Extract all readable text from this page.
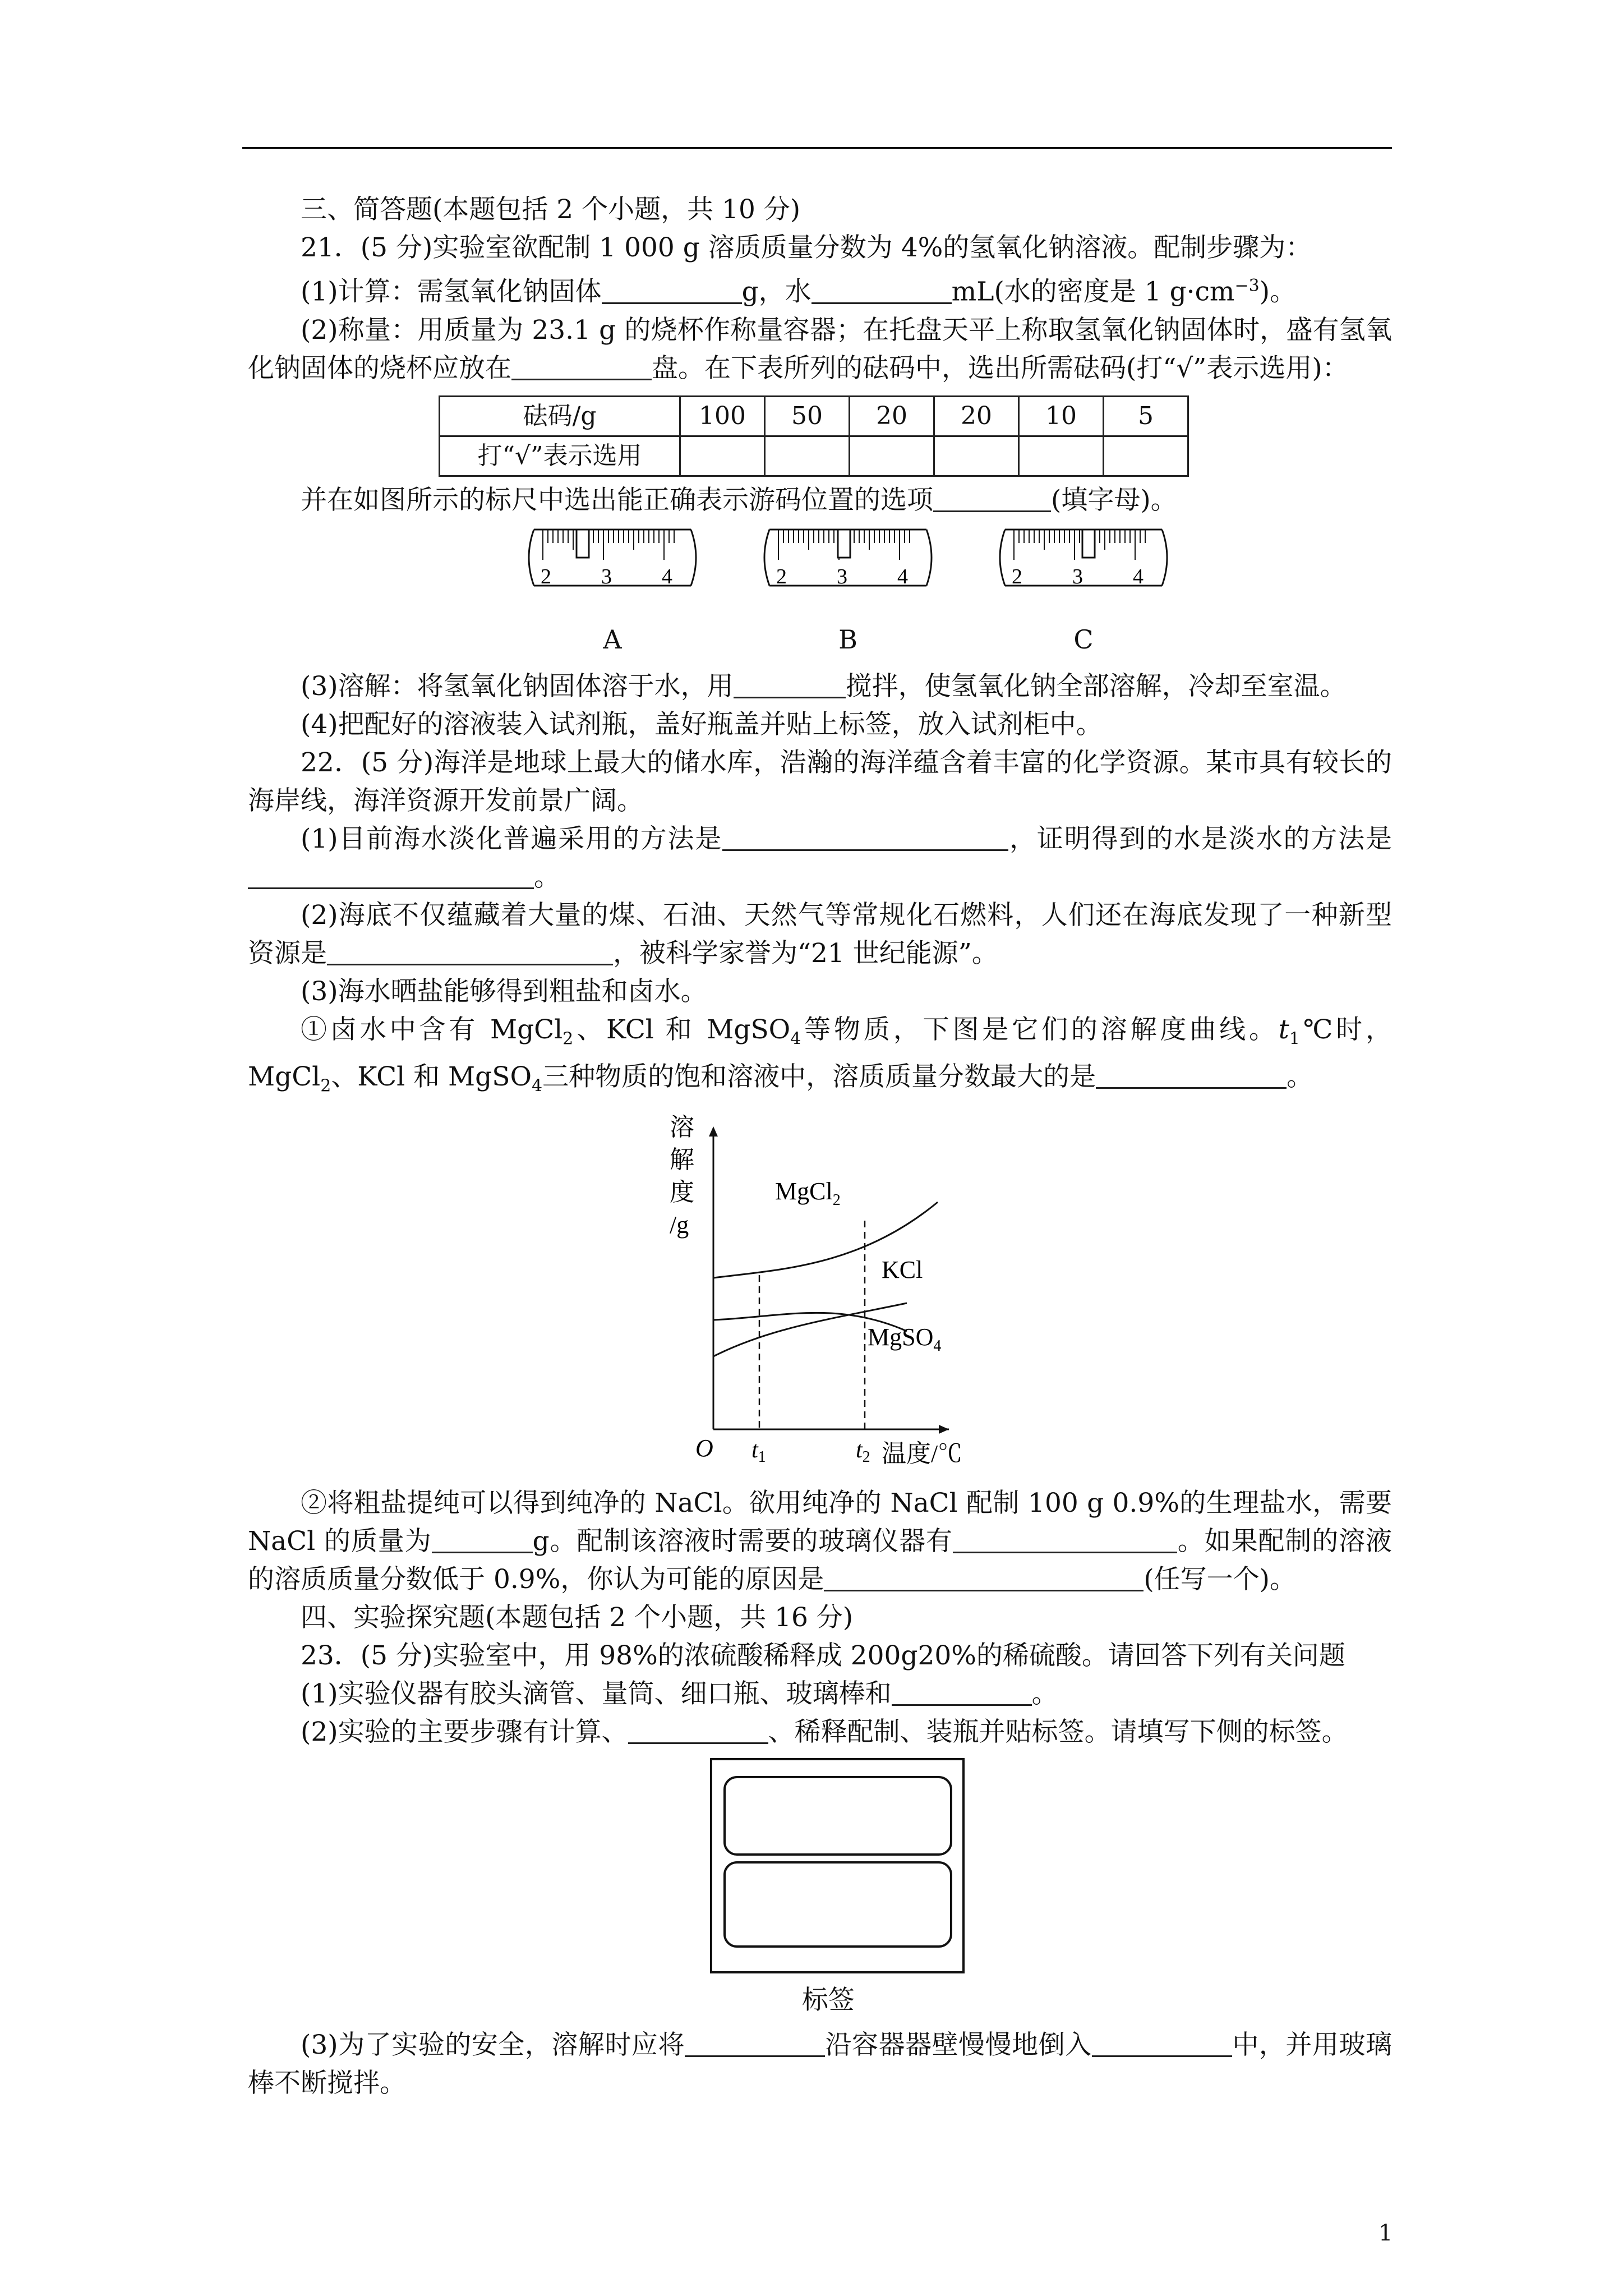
三、简答题(本题包括 2 个小题，共 10 分)

21．(5 分)实验室欲配制 1 000 g 溶质质量分数为 4%的氢氧化钠溶液。配制步骤为：

(1)计算：需氢氧化钠固体	g，水	mL(水的密度是 1 $g\cdot cm^{-3}$)。

(2)称量：用质量为 23.1 g 的烧杯作称量容器；在托盘天平上称取氢氧化钠固体时，盛有氢氧化钠固体的烧杯应放在	盘。在下表所列的砝码中，选出所需砝码(打“√”表示选用)：

砝码/g	100	50	20	20	10	5
打“√”表示选用						

并在如图所示的标尺中选出能正确表示游码位置的选项	(填字母)。

2 3 4
A
2 3 4
B
2 3 4
C

(3)溶解：将氢氧化钠固体溶于水，用	搅拌，使氢氧化钠全部溶解，冷却至室温。

(4)把配好的溶液装入试剂瓶，盖好瓶盖并贴上标签，放入试剂柜中。

22．(5 分)海洋是地球上最大的储水库，浩瀚的海洋蕴含着丰富的化学资源。某市具有较长的海岸线，海洋资源开发前景广阔。

(1)目前海水淡化普遍采用的方法是	，证明得到的水是淡水的方法是。

(2)海底不仅蕴藏着大量的煤、石油、天然气等常规化石燃料，人们还在海底发现了一种新型资源是	，被科学家誉为“21 世纪能源”。

(3)海水晒盐能够得到粗盐和卤水。

①卤水中含有 MgCl$_2$、KCl 和 MgSO$_4$等物质，下图是它们的溶解度曲线。$t_1℃$时，MgCl$_2$、KCl 和 MgSO$_4$三种物质的饱和溶液中，溶质质量分数最大的是	。

溶
解
度
/g
O t1	t2 温度/℃
MgCl$_2$
KCl
MgSO$_4$

②将粗盐提纯可以得到纯净的 NaCl。欲用纯净的 NaCl 配制 100 g 0.9%的生理盐水，需要 NaCl 的质量为	g。配制该溶液时需要的玻璃仪器有	。如果配制的溶液的溶质质量分数低于 0.9%，你认为可能的原因是	(任写一个)。

四、实验探究题(本题包括 2 个小题，共 16 分)

23．(5 分)实验室中，用 98%的浓硫酸稀释成 200g20%的稀硫酸。请回答下列有关问题

(1)实验仪器有胶头滴管、量筒、细口瓶、玻璃棒和	。

(2)实验的主要步骤有计算、	、稀释配制、装瓶并贴标签。请填写下侧的标签。

标签

(3)为了实验的安全，溶解时应将	沿容器器壁慢慢地倒入	中，并用玻璃棒不断搅拌。

1
